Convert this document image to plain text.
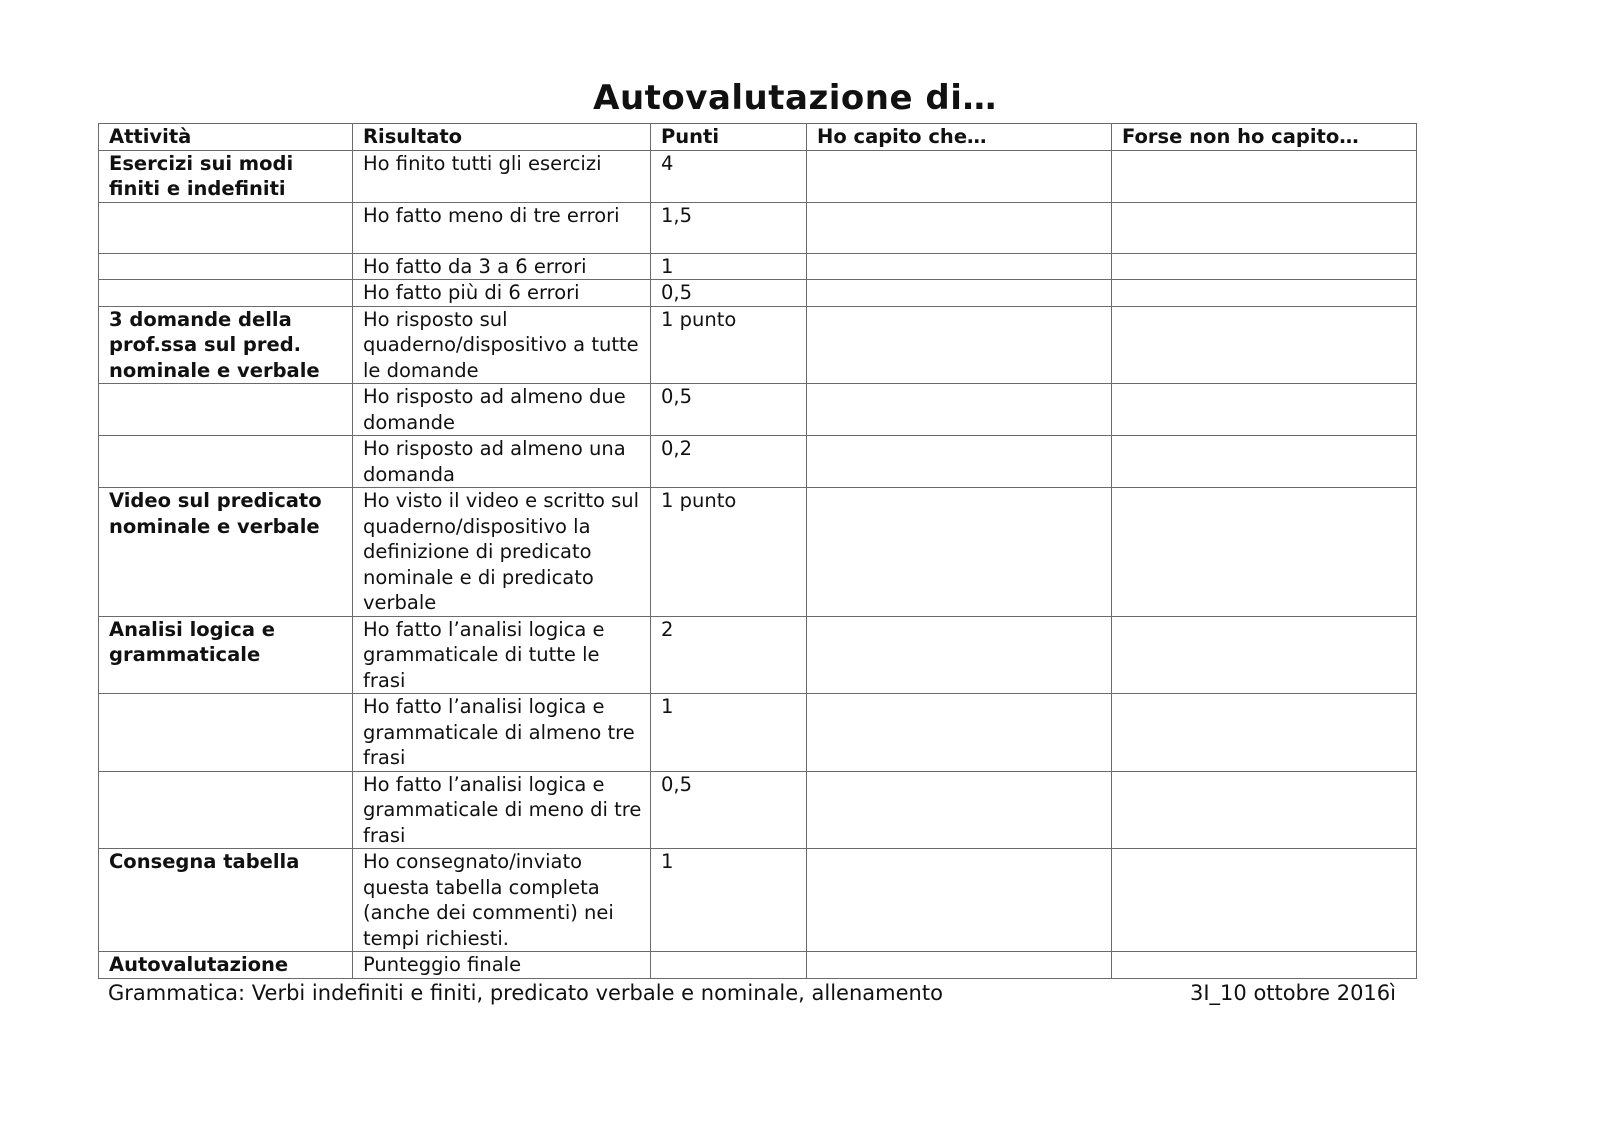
Autovalutazione di…
Attività	Risultato	Punti	Ho capito che…	Forse non ho capito…
Esercizi sui modi finiti e indefiniti	Ho finito tutti gli esercizi	4		
	Ho fatto meno di tre errori	1,5		
	Ho fatto da 3 a 6 errori	1		
	Ho fatto più di 6 errori	0,5		
3 domande della prof.ssa sul pred. nominale e verbale	Ho risposto sul quaderno/dispositivo a tutte le domande	1 punto		
	Ho risposto ad almeno due domande	0,5		
	Ho risposto ad almeno una domanda	0,2		
Video sul predicato nominale e verbale	Ho visto il video e scritto sul quaderno/dispositivo la definizione di predicato nominale e di predicato verbale	1 punto		
Analisi logica e grammaticale	Ho fatto l’analisi logica e grammaticale di tutte le frasi	2		
	Ho fatto l’analisi logica e grammaticale di almeno tre frasi	1		
	Ho fatto l’analisi logica e grammaticale di meno di tre frasi	0,5		
Consegna tabella	Ho consegnato/inviato questa tabella completa (anche dei commenti) nei tempi richiesti.	1		
Autovalutazione	Punteggio finale			
Grammatica: Verbi indefiniti e finiti, predicato verbale e nominale, allenamento	3I_10 ottobre 2016ì
